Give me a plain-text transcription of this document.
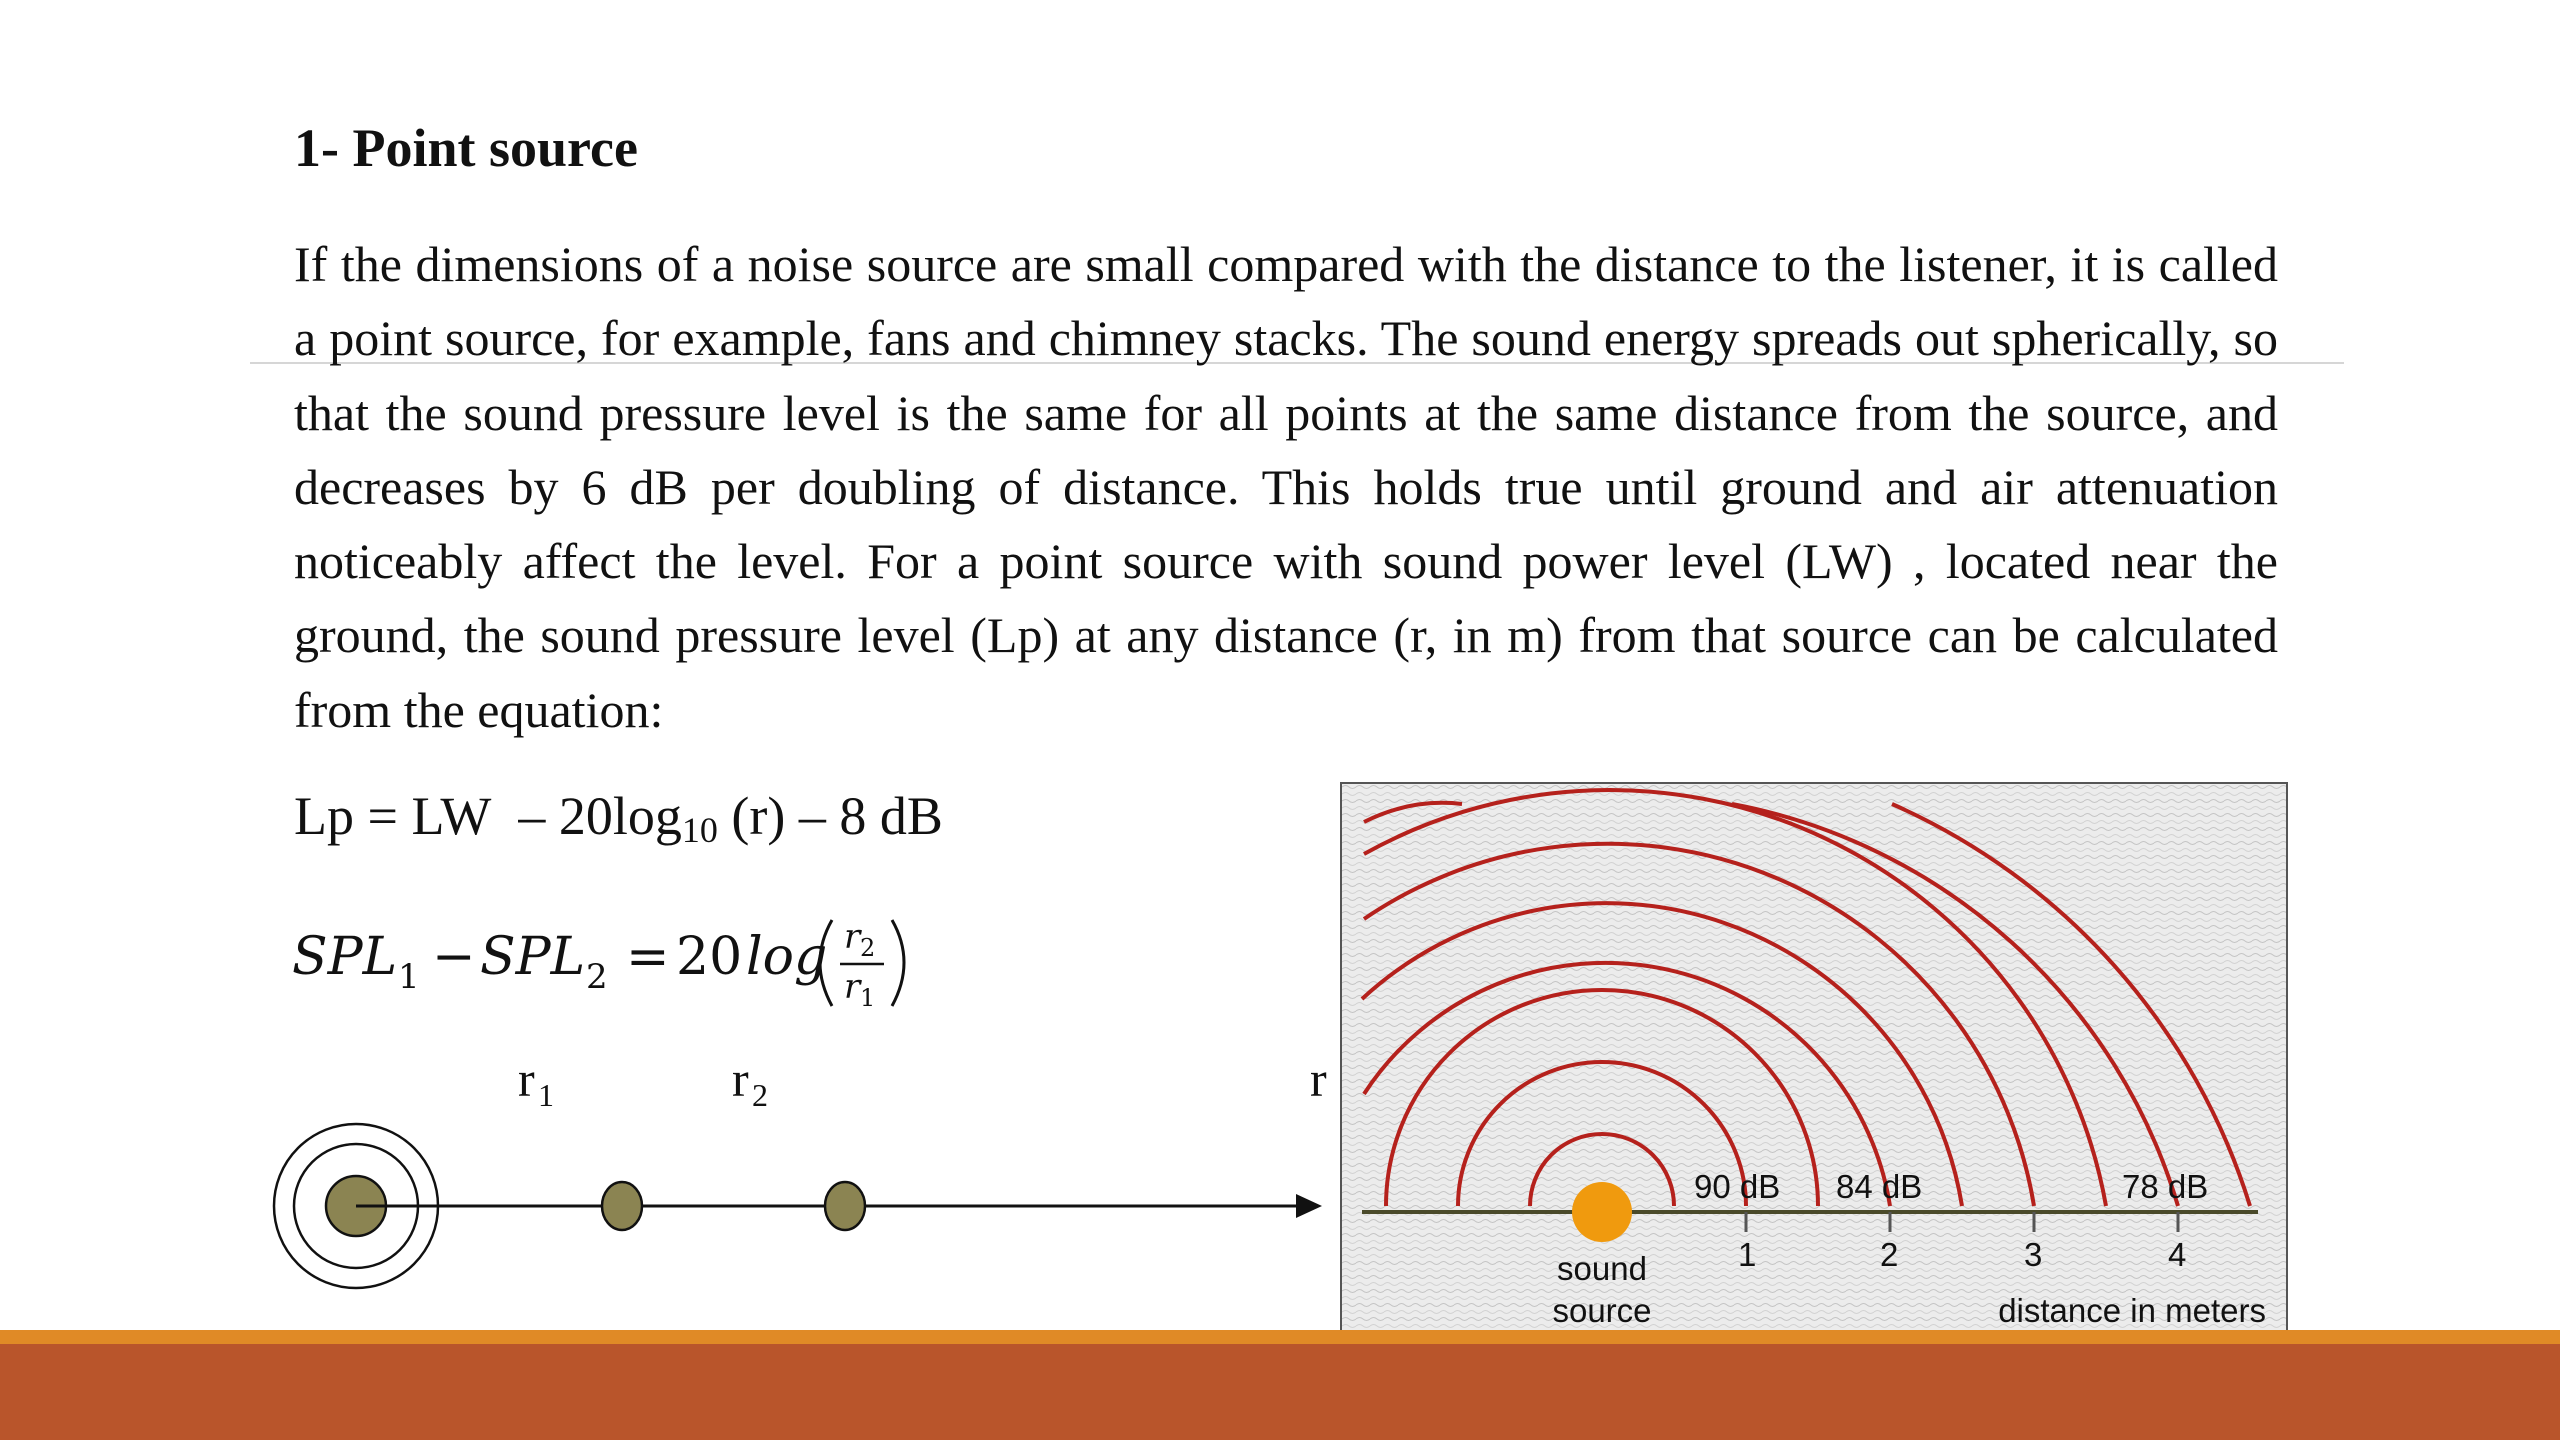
1- Point source
If the dimensions of a noise source are small compared with the distance to the listener, it is called a point source, for example, fans and chimney stacks. The sound energy spreads out spherically, so that the sound pressure level is the same for all points at the same distance from the source, and decreases by 6 dB per doubling of distance. This holds true until ground and air attenuation noticeably affect the level. For a point source with sound power level (LW) , located near the ground, the sound pressure level (Lp) at any distance (r, in m) from that source can be calculated from the equation:
Lp = LW – $20\log_{10}$ (r) – 8 dB
SPL 1 − SPL 2 = 20 log r 2
r 1
r 1	r 2	r
90 dB 84 dB	78 dB
1	2	3	4
sound
source	distance in meters
